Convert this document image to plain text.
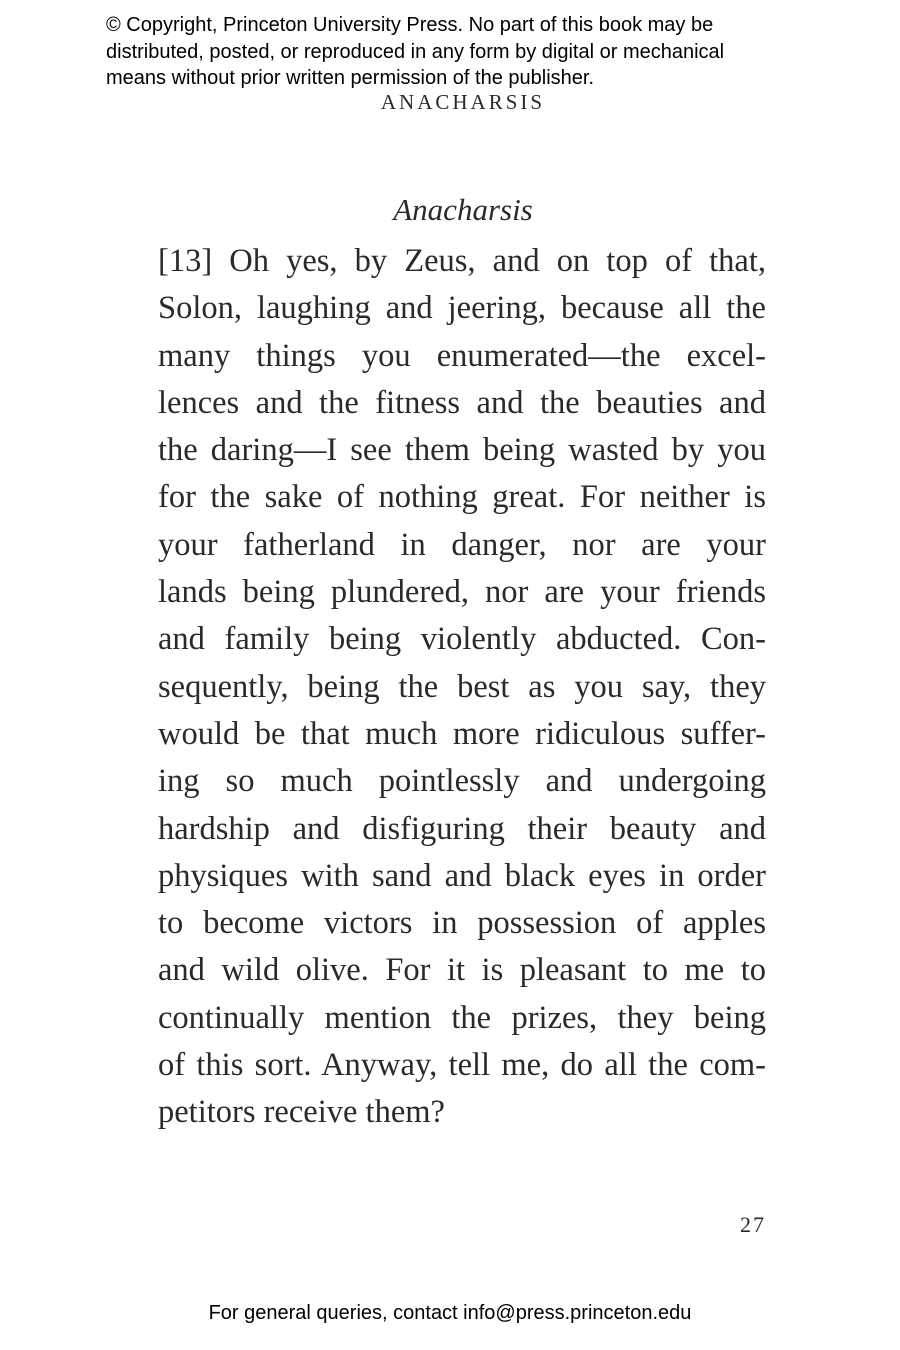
© Copyright, Princeton University Press. No part of this book may be
distributed, posted, or reproduced in any form by digital or mechanical
means without prior written permission of the publisher.
ANACHARSIS
Anacharsis
[13] Oh yes, by Zeus, and on top of that,
Solon, laughing and jeering, because all the
many things you enumerated—the excel-
lences and the fitness and the beauties and
the daring—I see them being wasted by you
for the sake of nothing great. For neither is
your fatherland in danger, nor are your
lands being plundered, nor are your friends
and family being violently abducted. Con-
sequently, being the best as you say, they
would be that much more ridiculous suffer-
ing so much pointlessly and undergoing
hardship and disfiguring their beauty and
physiques with sand and black eyes in order
to become victors in possession of apples
and wild olive. For it is pleasant to me to
continually mention the prizes, they being
of this sort. Anyway, tell me, do all the com-
petitors receive them?
27
For general queries, contact info@press.princeton.edu
